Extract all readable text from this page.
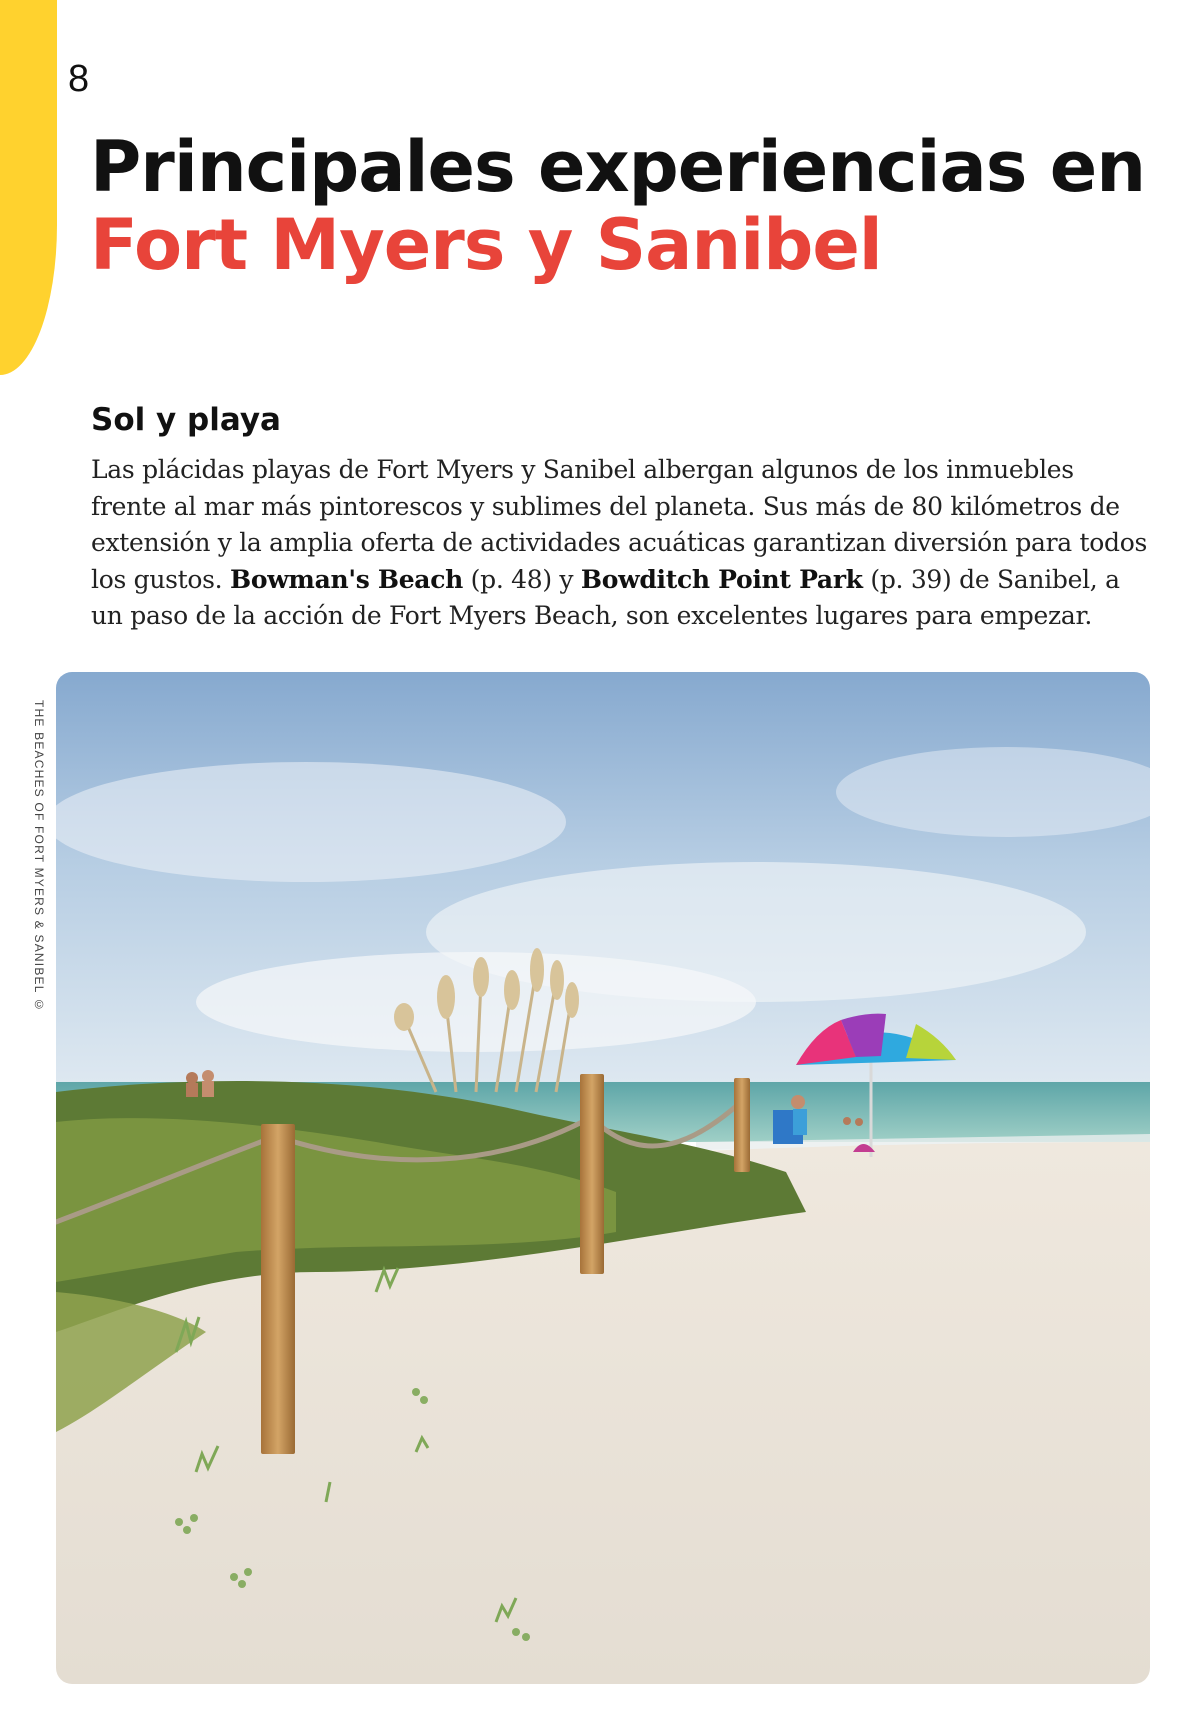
8
Principales experiencias en
Fort Myers y Sanibel
Sol y playa

Las plácidas playas de Fort Myers y Sanibel albergan algunos de los inmuebles frente al mar más pintorescos y sublimes del planeta. Sus más de 80 kilómetros de extensión y la amplia oferta de actividades acuáticas garantizan diversión para todos los gustos. Bowman's Beach (p. 48) y Bowditch Point Park (p. 39) de Sanibel, a un paso de la acción de Fort Myers Beach, son excelentes lugares para empezar.

THE BEACHES OF FORT MYERS & SANIBEL ©
